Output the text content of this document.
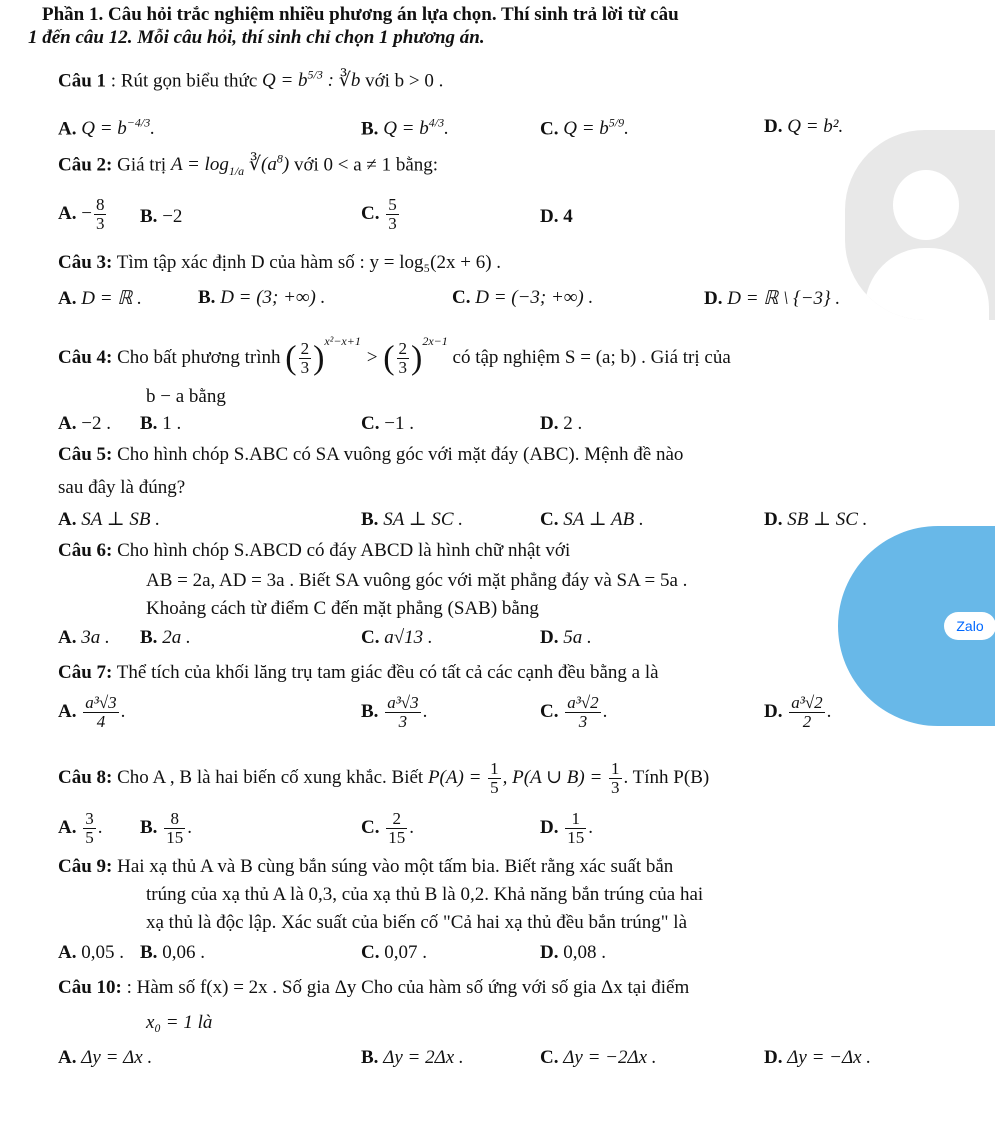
Phần 1. Câu hỏi trắc nghiệm nhiều phương án lựa chọn. Thí sinh trả lời từ câu
1 đến câu 12. Mỗi câu hỏi, thí sinh chỉ chọn 1 phương án.
Câu 1 : Rút gọn biểu thức $Q = b^{5/3}$ : ∛b với b > 0 .
A. $Q = b^{-4/3}$.	B. $Q = b^{4/3}$.	C. $Q = b^{5/9}$.	D. Q = b².
Câu 2: Giá trị $A = \log_{1/a}$ $∛(a^8)$ với 0 < a ≠ 1 bằng:
A. − $\frac{8}{3} B$. −2	C. $\frac{5}{3}$	D. 4
Câu 3: Tìm tập xác định D của hàm số : y = log₅(2x + 6) .
A. D = ℝ .	B. D = (3; +∞) .	C. D = (−3; +∞) .	D. D = ℝ \ {−3} .
Câu 4: Cho bất phương trình ( $\frac{2}{3} )^{x^2-x+1}$ > ( $\frac{2}{3} )^{2x-1}$ có tập nghiệm S = (a; b) . Giá trị của
b − a bằng
A. −2 . B. 1 .	C. −1 .	D. 2 .
Câu 5: Cho hình chóp S.ABC có SA vuông góc với mặt đáy (ABC). Mệnh đề nào
sau đây là đúng?
A. SA ⊥ SB .	B. SA ⊥ SC .	C. SA ⊥ AB .	D. SB ⊥ SC .
Câu 6: Cho hình chóp S.ABCD có đáy ABCD là hình chữ nhật với
AB = 2a, AD = 3a . Biết SA vuông góc với mặt phẳng đáy và SA = 5a .
Khoảng cách từ điểm C đến mặt phẳng (SAB) bằng
A. 3a . B. 2a .	C. a√13 .	D. 5a .
Câu 7: Thể tích của khối lăng trụ tam giác đều có tất cả các cạnh đều bằng a là
A. $\frac{\text{a³√3}}{4}$ .	B. $\frac{\text{a³√3}}{3}$ .	C. $\frac{\text{a³√2}}{3}$ .	D. $\frac{\text{a³√2}}{2}$ .
Câu 8: Cho A , B là hai biến cố xung khắc. Biết $P(A) = \frac{1}{5}$ , P(A ∪ $B) = \frac{1}{3}$ . Tính P(B)
A. $\frac{3}{5}$ . B. $\frac{8}{15}$ .	C. $\frac{2}{15}$ .	D. $\frac{1}{15}$ .
Câu 9: Hai xạ thủ A và B cùng bắn súng vào một tấm bia. Biết rằng xác suất bắn
trúng của xạ thủ A là 0,3, của xạ thủ B là 0,2. Khả năng bắn trúng của hai
xạ thủ là độc lập. Xác suất của biến cố "Cả hai xạ thủ đều bắn trúng" là
A. 0,05 . B. 0,06 .	C. 0,07 .	D. 0,08 .
Câu 10: : Hàm số f(x) = 2x . Số gia Δy Cho của hàm số ứng với số gia Δx tại điểm
x₀ = 1 là
A. Δy = Δx .	B. Δy = 2Δx .	C. Δy = −2Δx .	D. Δy = −Δx .
Zalo
